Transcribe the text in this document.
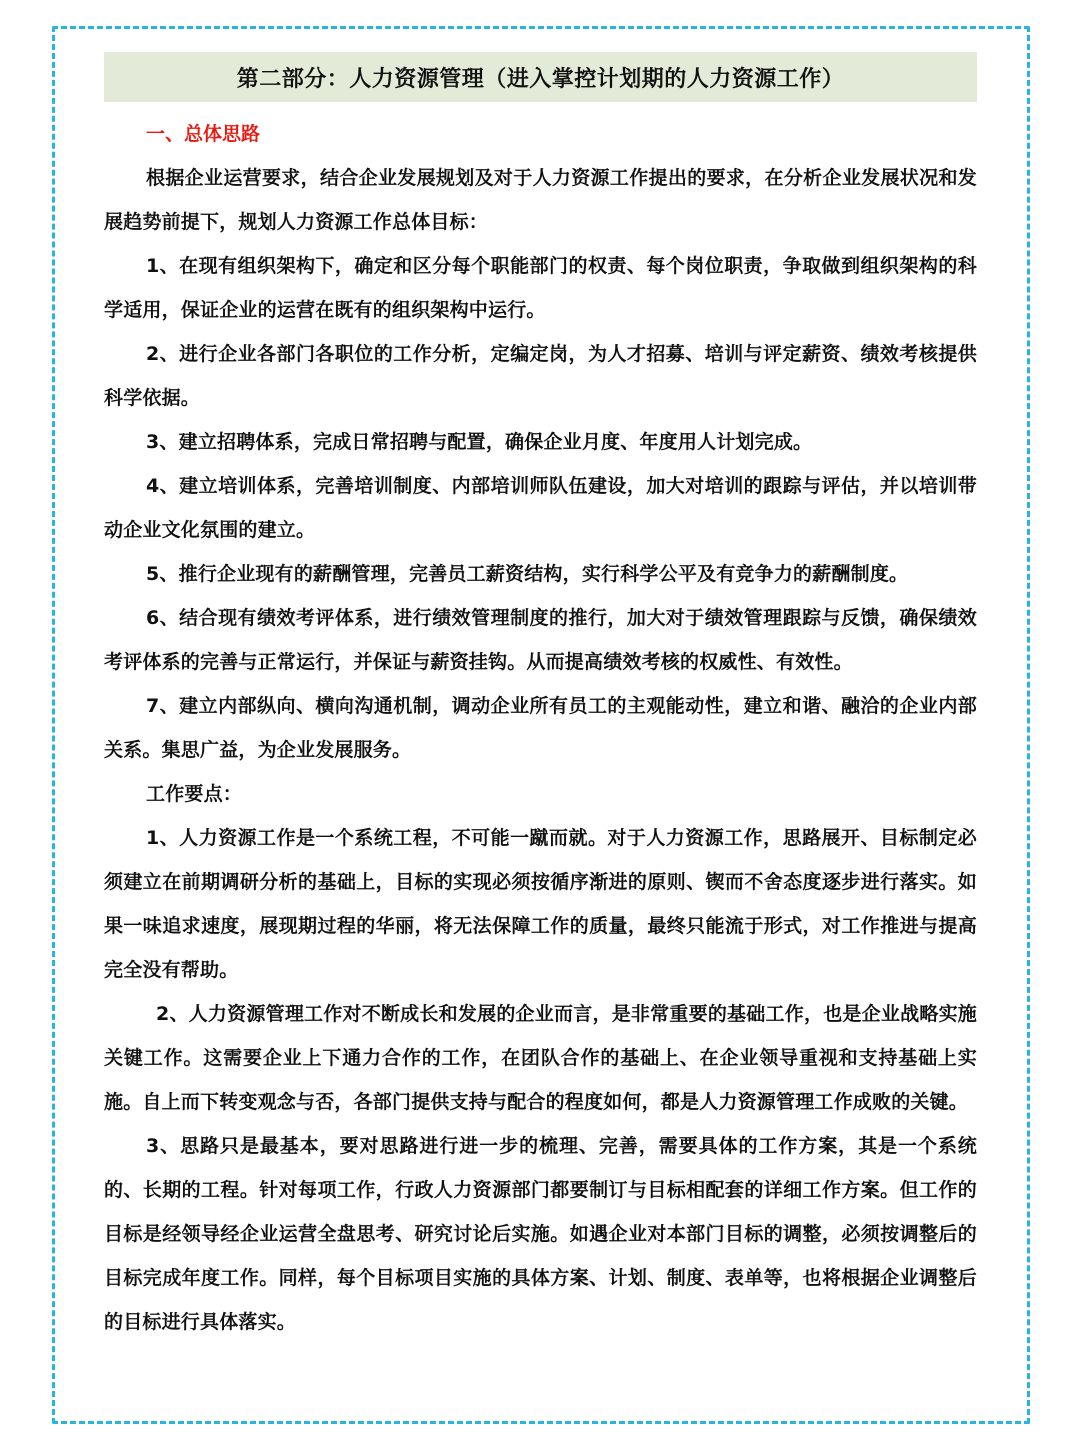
第二部分：人力资源管理（进入掌控计划期的人力资源工作）
一、总体思路

根据企业运营要求，结合企业发展规划及对于人力资源工作提出的要求，在分析企业发展状况和发展趋势前提下，规划人力资源工作总体目标：

1、在现有组织架构下，确定和区分每个职能部门的权责、每个岗位职责，争取做到组织架构的科学适用，保证企业的运营在既有的组织架构中运行。

2、进行企业各部门各职位的工作分析，定编定岗，为人才招募、培训与评定薪资、绩效考核提供科学依据。

3、建立招聘体系，完成日常招聘与配置，确保企业月度、年度用人计划完成。

4、建立培训体系，完善培训制度、内部培训师队伍建设，加大对培训的跟踪与评估，并以培训带动企业文化氛围的建立。

5、推行企业现有的薪酬管理，完善员工薪资结构，实行科学公平及有竞争力的薪酬制度。

6、结合现有绩效考评体系，进行绩效管理制度的推行，加大对于绩效管理跟踪与反馈，确保绩效考评体系的完善与正常运行，并保证与薪资挂钩。从而提高绩效考核的权威性、有效性。

7、建立内部纵向、横向沟通机制，调动企业所有员工的主观能动性，建立和谐、融洽的企业内部关系。集思广益，为企业发展服务。

工作要点：

1、人力资源工作是一个系统工程，不可能一蹴而就。对于人力资源工作，思路展开、目标制定必须建立在前期调研分析的基础上，目标的实现必须按循序渐进的原则、锲而不舍态度逐步进行落实。如果一味追求速度，展现期过程的华丽，将无法保障工作的质量，最终只能流于形式，对工作推进与提高完全没有帮助。

2、人力资源管理工作对不断成长和发展的企业而言，是非常重要的基础工作，也是企业战略实施关键工作。这需要企业上下通力合作的工作，在团队合作的基础上、在企业领导重视和支持基础上实施。自上而下转变观念与否，各部门提供支持与配合的程度如何，都是人力资源管理工作成败的关键。

3、思路只是最基本，要对思路进行进一步的梳理、完善，需要具体的工作方案，其是一个系统的、长期的工程。针对每项工作，行政人力资源部门都要制订与目标相配套的详细工作方案。但工作的目标是经领导经企业运营全盘思考、研究讨论后实施。如遇企业对本部门目标的调整，必须按调整后的目标完成年度工作。同样，每个目标项目实施的具体方案、计划、制度、表单等，也将根据企业调整后的目标进行具体落实。
